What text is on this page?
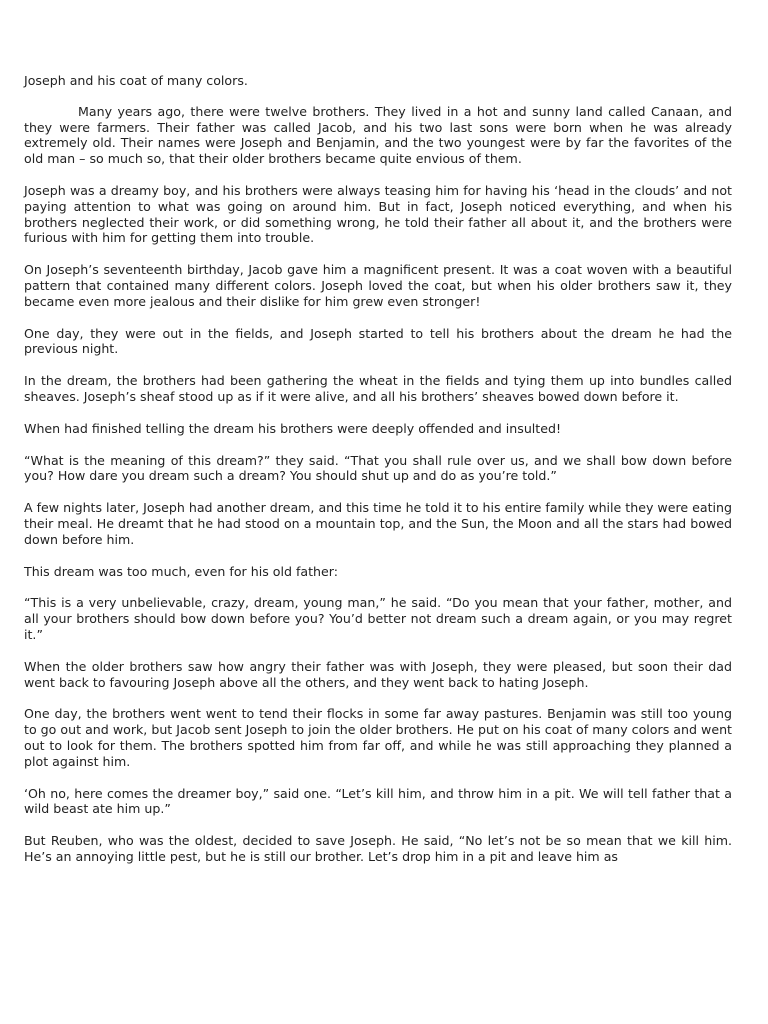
Joseph and his coat of many colors.

Many years ago, there were twelve brothers. They lived in a hot and sunny land called Canaan, and they were farmers. Their father was called Jacob, and his two last sons were born when he was already extremely old. Their names were Joseph and Benjamin, and the two youngest were by far the favorites of the old man – so much so, that their older brothers became quite envious of them.

Joseph was a dreamy boy, and his brothers were always teasing him for having his ‘head in the clouds’ and not paying attention to what was going on around him. But in fact, Joseph noticed everything, and when his brothers neglected their work, or did something wrong, he told their father all about it, and the brothers were furious with him for getting them into trouble.

On Joseph’s seventeenth birthday, Jacob gave him a magnificent present. It was a coat woven with a beautiful pattern that contained many different colors. Joseph loved the coat, but when his older brothers saw it, they became even more jealous and their dislike for him grew even stronger!

One day, they were out in the fields, and Joseph started to tell his brothers about the dream he had the previous night.

In the dream, the brothers had been gathering the wheat in the fields and tying them up into bundles called sheaves. Joseph’s sheaf stood up as if it were alive, and all his brothers’ sheaves bowed down before it.

When had finished telling the dream his brothers were deeply offended and insulted!

“What is the meaning of this dream?” they said. “That you shall rule over us, and we shall bow down before you? How dare you dream such a dream? You should shut up and do as you’re told.”

A few nights later, Joseph had another dream, and this time he told it to his entire family while they were eating their meal. He dreamt that he had stood on a mountain top, and the Sun, the Moon and all the stars had bowed down before him.

This dream was too much, even for his old father:

“This is a very unbelievable, crazy, dream, young man,” he said. “Do you mean that your father, mother, and all your brothers should bow down before you? You’d better not dream such a dream again, or you may regret it.”

When the older brothers saw how angry their father was with Joseph, they were pleased, but soon their dad went back to favouring Joseph above all the others, and they went back to hating Joseph.

One day, the brothers went went to tend their flocks in some far away pastures. Benjamin was still too young to go out and work, but Jacob sent Joseph to join the older brothers. He put on his coat of many colors and went out to look for them. The brothers spotted him from far off, and while he was still approaching they planned a plot against him.

‘Oh no, here comes the dreamer boy,” said one. “Let’s kill him, and throw him in a pit. We will tell father that a wild beast ate him up.”

But Reuben, who was the oldest, decided to save Joseph. He said, “No let’s not be so mean that we kill him. He’s an annoying little pest, but he is still our brother. Let’s drop him in a pit and leave him as
